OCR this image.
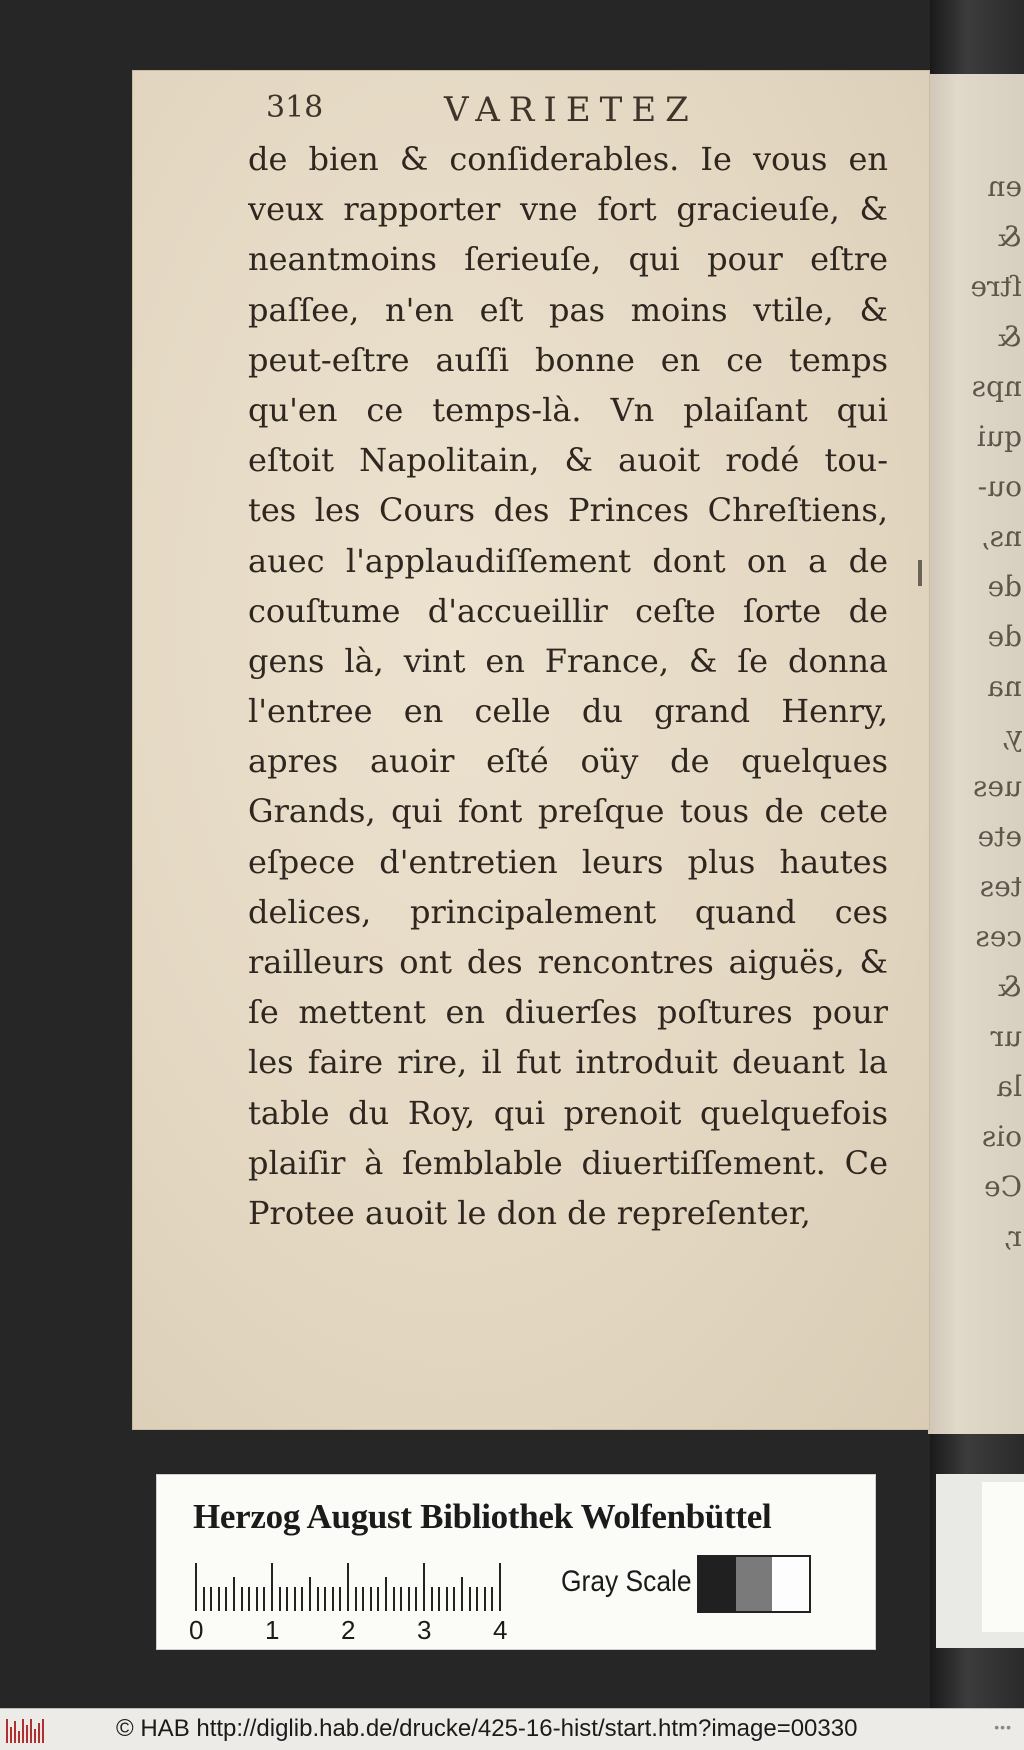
en
&
ſtre
&
nps
qui
ou-
ns,
de
de
na
y,
ues
ete
tes
ces
&
ur
la
ois
Ce
r,
318	VARIETEZ
de bien & conſiderables. Ie vous en
veux rapporter vne fort gracieuſe, &
neantmoins ſerieuſe, qui pour eſtre
paſſee, n'en eſt pas moins vtile, &
peut-eſtre auſſi bonne en ce temps
qu'en ce temps-là. Vn plaiſant qui
eſtoit Napolitain, & auoit rodé tou-
tes les Cours des Princes Chreſtiens,
auec l'applaudiſſement dont on a de
couſtume d'accueillir ceſte ſorte de
gens là, vint en France, & ſe donna
l'entree en celle du grand Henry,
apres auoir eſté oüy de quelques
Grands, qui font preſque tous de cete
eſpece d'entretien leurs plus hautes
delices, principalement quand ces
railleurs ont des rencontres aiguës, &
ſe mettent en diuerſes poſtures pour
les faire rire, il fut introduit deuant la
table du Roy, qui prenoit quelquefois
plaiſir à ſemblable diuertiſſement. Ce
Protee auoit le don de repreſenter,
Herzog August Bibliothek Wolfenbüttel
0 1 2 3 4
Gray Scale
© HAB http://diglib.hab.de/drucke/425-16-hist/start.htm?image=00330	•••
